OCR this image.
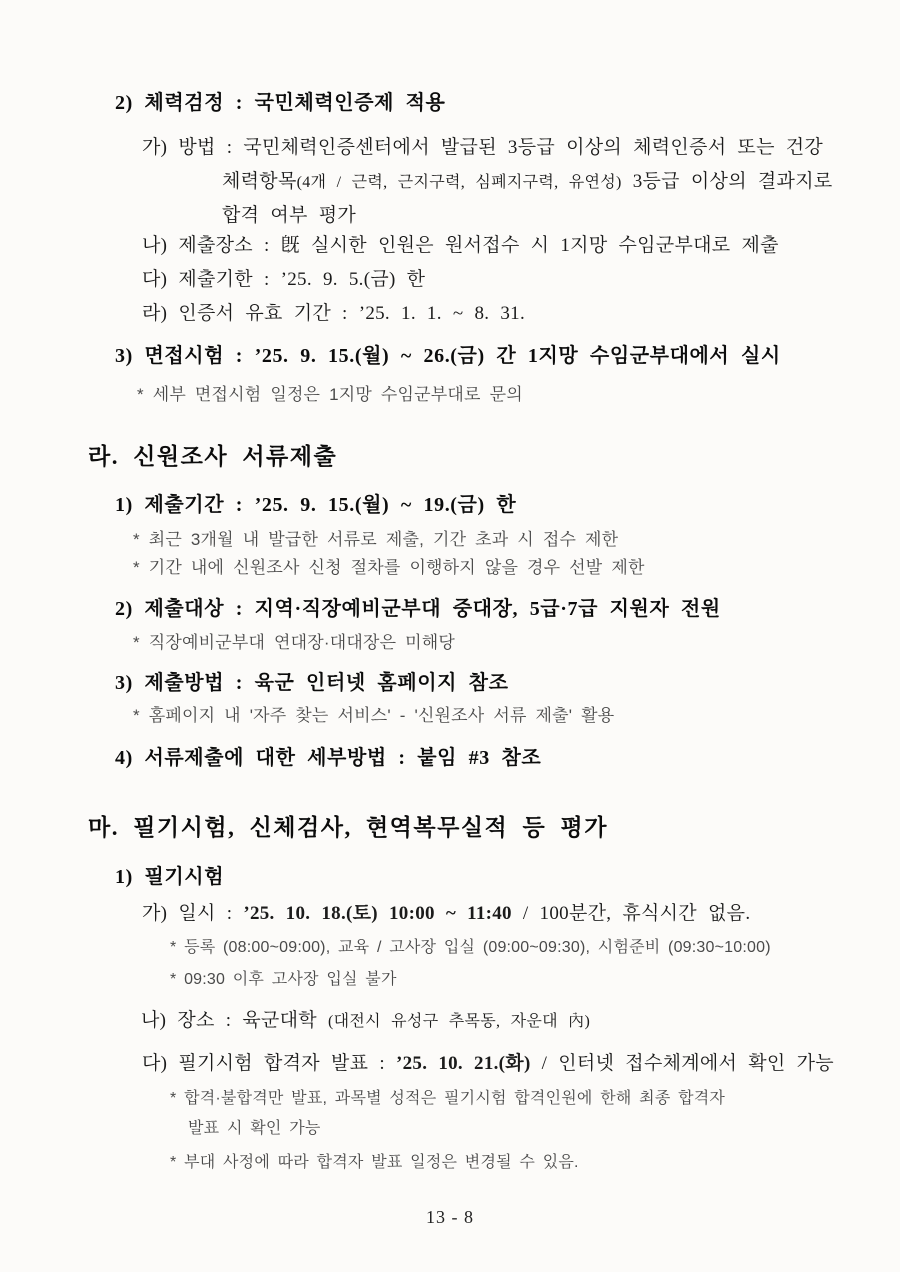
2) 체력검정 : 국민체력인증제 적용
가) 방법 : 국민체력인증센터에서 발급된 3등급 이상의 체력인증서 또는 건강
체력항목(4개 / 근력, 근지구력, 심폐지구력, 유연성) 3등급 이상의 결과지로
합격 여부 평가
나) 제출장소 : 旣 실시한 인원은 원서접수 시 1지망 수임군부대로 제출
다) 제출기한 : ’25. 9. 5.(금) 한
라) 인증서 유효 기간 : ’25. 1. 1. ~ 8. 31.
3) 면접시험 : ’25. 9. 15.(월) ~ 26.(금) 간 1지망 수임군부대에서 실시
* 세부 면접시험 일정은 1지망 수임군부대로 문의
라. 신원조사 서류제출
1) 제출기간 : ’25. 9. 15.(월) ~ 19.(금) 한
* 최근 3개월 내 발급한 서류로 제출, 기간 초과 시 접수 제한
* 기간 내에 신원조사 신청 절차를 이행하지 않을 경우 선발 제한
2) 제출대상 : 지역·직장예비군부대 중대장, 5급·7급 지원자 전원
* 직장예비군부대 연대장·대대장은 미해당
3) 제출방법 : 육군 인터넷 홈페이지 참조
* 홈페이지 내 '자주 찾는 서비스' - '신원조사 서류 제출' 활용
4) 서류제출에 대한 세부방법 : 붙임 #3 참조
마. 필기시험, 신체검사, 현역복무실적 등 평가
1) 필기시험
가) 일시 : ’25. 10. 18.(토) 10:00 ~ 11:40 / 100분간, 휴식시간 없음.
* 등록 (08:00~09:00), 교육 / 고사장 입실 (09:00~09:30), 시험준비 (09:30~10:00)
* 09:30 이후 고사장 입실 불가
나) 장소 : 육군대학 (대전시 유성구 추목동, 자운대 內)
다) 필기시험 합격자 발표 : ’25. 10. 21.(화) / 인터넷 접수체계에서 확인 가능
* 합격·불합격만 발표, 과목별 성적은 필기시험 합격인원에 한해 최종 합격자
발표 시 확인 가능
* 부대 사정에 따라 합격자 발표 일정은 변경될 수 있음.
13 - 8
